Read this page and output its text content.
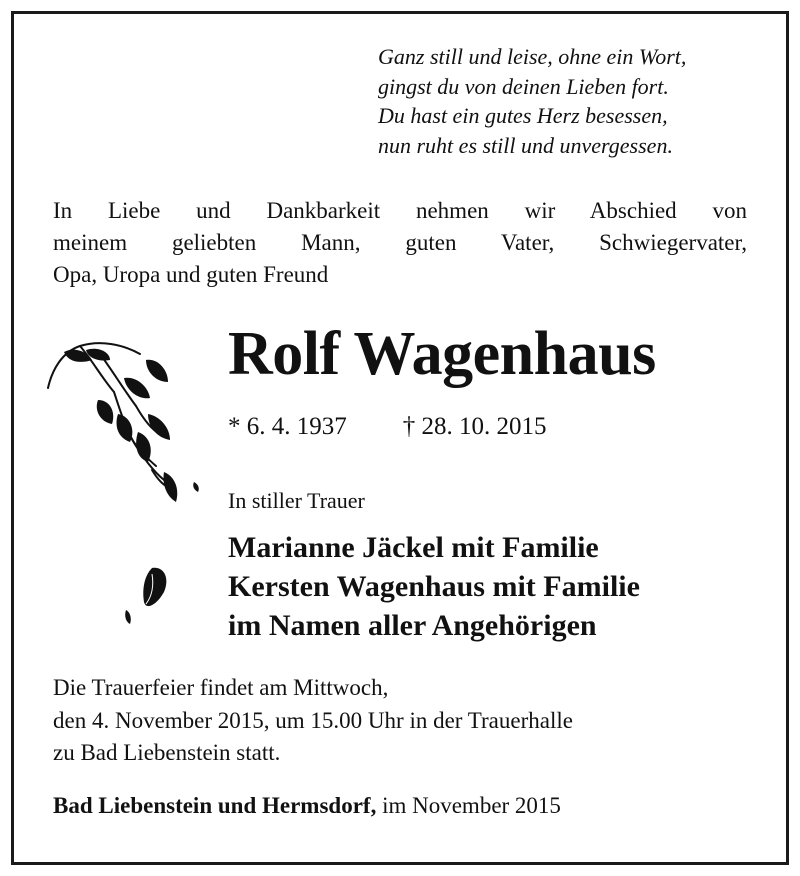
Ganz still und leise, ohne ein Wort,
gingst du von deinen Lieben fort.
Du hast ein gutes Herz besessen,
nun ruht es still und unvergessen.
In Liebe und Dankbarkeit nehmen wir Abschied von
meinem geliebten Mann, guten Vater, Schwiegervater,
Opa, Uropa und guten Freund
Rolf Wagenhaus
* 6. 4. 1937 † 28. 10. 2015
In stiller Trauer
Marianne Jäckel mit Familie
Kersten Wagenhaus mit Familie
im Namen aller Angehörigen
Die Trauerfeier findet am Mittwoch,
den 4. November 2015, um 15.00 Uhr in der Trauerhalle
zu Bad Liebenstein statt.
Bad Liebenstein und Hermsdorf, im November 2015
